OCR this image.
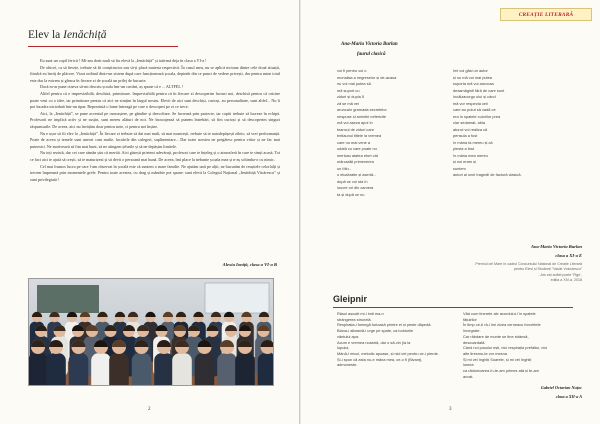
Elev la Ienăchiță

Eu sunt un copil fericit ! Mi-am dorit mult să fiu elevă la „Ienăchiță” și iată-mă deja în clasa a VI-a !

De obicei, ca să învețe, trebuie să fii conștiincios sau să-ți placă materia respectivă. În cazul meu, nu se aplică niciuna dintre cele două situații, fiindcă eu învăț de plăcere. Vizat ordinul dintr-un sistem după care funcționează școala, depinde din ce punct de vedere privești, dar pentru mine totul este dus la extrem și gleaca în fiecare zi de școală un prilej de bucurie.

Dacă m-ar pune cineva să-mi descriu școala într-un cuvânt, aș spune că e ... ALTFEL !

Altfel pentru că e imprevizibilă, deschisă, primitoare. Imprevizibilă pentru că în fiecare zi descoperim lucruri noi, deschisă pentru că oricine poate veni cu o idee, iar primitoare pentru că aici ne simțim în largul nostru. Elevii de aici sunt deschiși, curioși, au personalitate, sunt altfel... Nu îi pot încadra niciodată într-un tipar. Reprezintă o lume întreagă pe care o descoperi pe zi ce trece.

Aici, la „Ienăchiță”, se pune accentul pe cunoaștere, pe gândire și dezvoltare. Se lucrează prin proiecte, iar copiii trebuie să lucreze în echipă. Profesorii ne implică activ și ne susțin, sunt mereu alături de noi. Ne încurajează să punem întrebări, să fim curioși și să descoperim singuri răspunsurile. De aceea, aici nu învățăm doar pentru note, ci pentru noi înșine.

Nu e ușor să fii elev la „Ienăchiță”. În fiecare zi trebuie să dai mai mult, să mai muncești, trebuie să te autodepășești zilnic, să vrei performanță. Poate de aceea și temele sunt uneori cam multe, lucrările din culegeri, suplimentare... Dar toate acestea ne pregătesc pentru viitor și ne fac mai puternici. Ne motivează să fim mai buni, să ne atingem țelurile și să ne depășim limitele.

Nu toți rezistă, dar cei care rămân știu că merită. Aici găsești prieteni adevărați, profesori care te înțeleg și o atmosferă în care te simți acasă. Tot ce faci aici te ajută să crești, să te maturizezi și să devii o persoană mai bună. De aceea, îmi place la nebunie școala mea și n-aș schimba-o cu nimic.

Cel mai frumos lucru pe care l-am observat în școală este că suntem o mare familie. Ne ajutăm unii pe alții, ne bucurăm de reușitele celorlalți și trecem împreună prin momentele grele. Pentru toate acestea, cu drag și mândrie pot spune: sunt elevă la Colegiul Național „Ienăchiță Văcărescu” și sunt privilegiată !

Alexia Ioniță, clasa a VI-a B
2
CREAȚIE LITERARĂ
Ana-Maria Victoria Burlan
faurul clasică
voi fi pentru voi o
monalisa a negreselor și de-acasa
nu voi mai putea să
mă suport cu
ziduri și dupla 5
ză se mă vei
aruncaîn gramada secretelor
nespuse și amintiri nefericite
mă voi așeza apoi în
teancul de ziduri care
treilaunui tiltele la vremea
care nu mai vene a
odată cu care poate nu
mericau atatea efort cât
mărcarăți primeverea
un tîtlu -
o eluabratie și asertă...
după ce voi sta în
louvre ori din camera
ta și după ce nu
îmi voi găsi un autor
și nu mă voi mai putea
suporta mă voi aruncaa
deasmăginti fără de care sunt
încălzacorgo ului și când
mă vor respecta ceii
care au putut să vadă ce
era în spatele culorilor prea
clar sedamat- abia
atunci voi realiza că
pensula a fost
în mâna ta mereu și că
piesta a fost
în mâna mea mereu
și noi eram și
suntem
autori ai unei tragedii de factură clasică.
Ana-Maria Victoria Burlan
clasa a XI-a E
Premiul cel Mare în cadrul Concursului Național de Creație Literară
pentru Elevi și Studenți "Vasile Voiculescu"
- Ars est auflet poete 'Pige',
ediția a XIV-a, 2018
Gleipnir
Râsul ascuțit mi-l imit ma-n
strângerea strunelă.
Respirația-i fumegă furioasă printre ei și peste dăpedă.
Blana-i albastră-i urge pe spate, ca boldurile
văntului apa.
Acum e vremea noastră, dar o să-vin (ia ia
lupului,
Mână-l micul, melodic apoase, și nici cel pentru ce-i pierde.
Și-i spun că asta nu-e mâna mea, ce-o fi (Bivanț),
admoneste.
Văd cum tinerete ale acordului-l în spatele
fățuirilor
În timp ce-ți ră-i îmi zicea cerneacu forcrirtele
înnegrate.
Car răbdare de munte se tine strânsă,
descoardată.
Când noi posului ești, nici respirația prefaltui, nici
alte tiresmu-te vor mesna
Și mi vei înghiți Soarele, și mi vei înghiți
lumea
ca rădumoarea în-te-am primes atâ și te-am
acvat.
Gabriel Octavian Nuțoc
clasa a XII-a A
3
